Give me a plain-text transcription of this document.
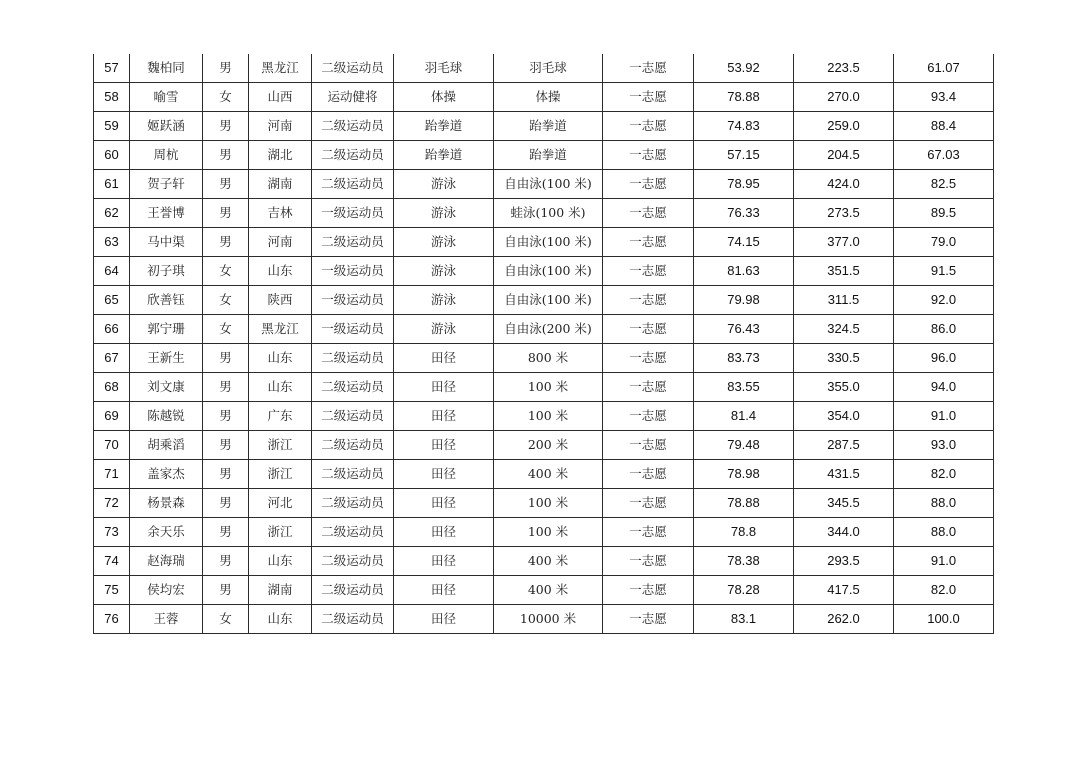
57	魏柏同	男	黑龙江	二级运动员	羽毛球	羽毛球	一志愿	53.92	223.5	61.07
58	喻雪	女	山西	运动健将	体操	体操	一志愿	78.88	270.0	93.4
59	姬跃涵	男	河南	二级运动员	跆拳道	跆拳道	一志愿	74.83	259.0	88.4
60	周杭	男	湖北	二级运动员	跆拳道	跆拳道	一志愿	57.15	204.5	67.03
61	贺子轩	男	湖南	二级运动员	游泳	自由泳(100 米)	一志愿	78.95	424.0	82.5
62	王誉博	男	吉林	一级运动员	游泳	蛙泳(100 米)	一志愿	76.33	273.5	89.5
63	马中渠	男	河南	二级运动员	游泳	自由泳(100 米)	一志愿	74.15	377.0	79.0
64	初子琪	女	山东	一级运动员	游泳	自由泳(100 米)	一志愿	81.63	351.5	91.5
65	欣善钰	女	陕西	一级运动员	游泳	自由泳(100 米)	一志愿	79.98	311.5	92.0
66	郭宁珊	女	黑龙江	一级运动员	游泳	自由泳(200 米)	一志愿	76.43	324.5	86.0
67	王新生	男	山东	二级运动员	田径	800 米	一志愿	83.73	330.5	96.0
68	刘文康	男	山东	二级运动员	田径	100 米	一志愿	83.55	355.0	94.0
69	陈越锐	男	广东	二级运动员	田径	100 米	一志愿	81.4	354.0	91.0
70	胡乘滔	男	浙江	二级运动员	田径	200 米	一志愿	79.48	287.5	93.0
71	盖家杰	男	浙江	二级运动员	田径	400 米	一志愿	78.98	431.5	82.0
72	杨景森	男	河北	二级运动员	田径	100 米	一志愿	78.88	345.5	88.0
73	余天乐	男	浙江	二级运动员	田径	100 米	一志愿	78.8	344.0	88.0
74	赵海瑞	男	山东	二级运动员	田径	400 米	一志愿	78.38	293.5	91.0
75	侯均宏	男	湖南	二级运动员	田径	400 米	一志愿	78.28	417.5	82.0
76	王蓉	女	山东	二级运动员	田径	10000 米	一志愿	83.1	262.0	100.0
